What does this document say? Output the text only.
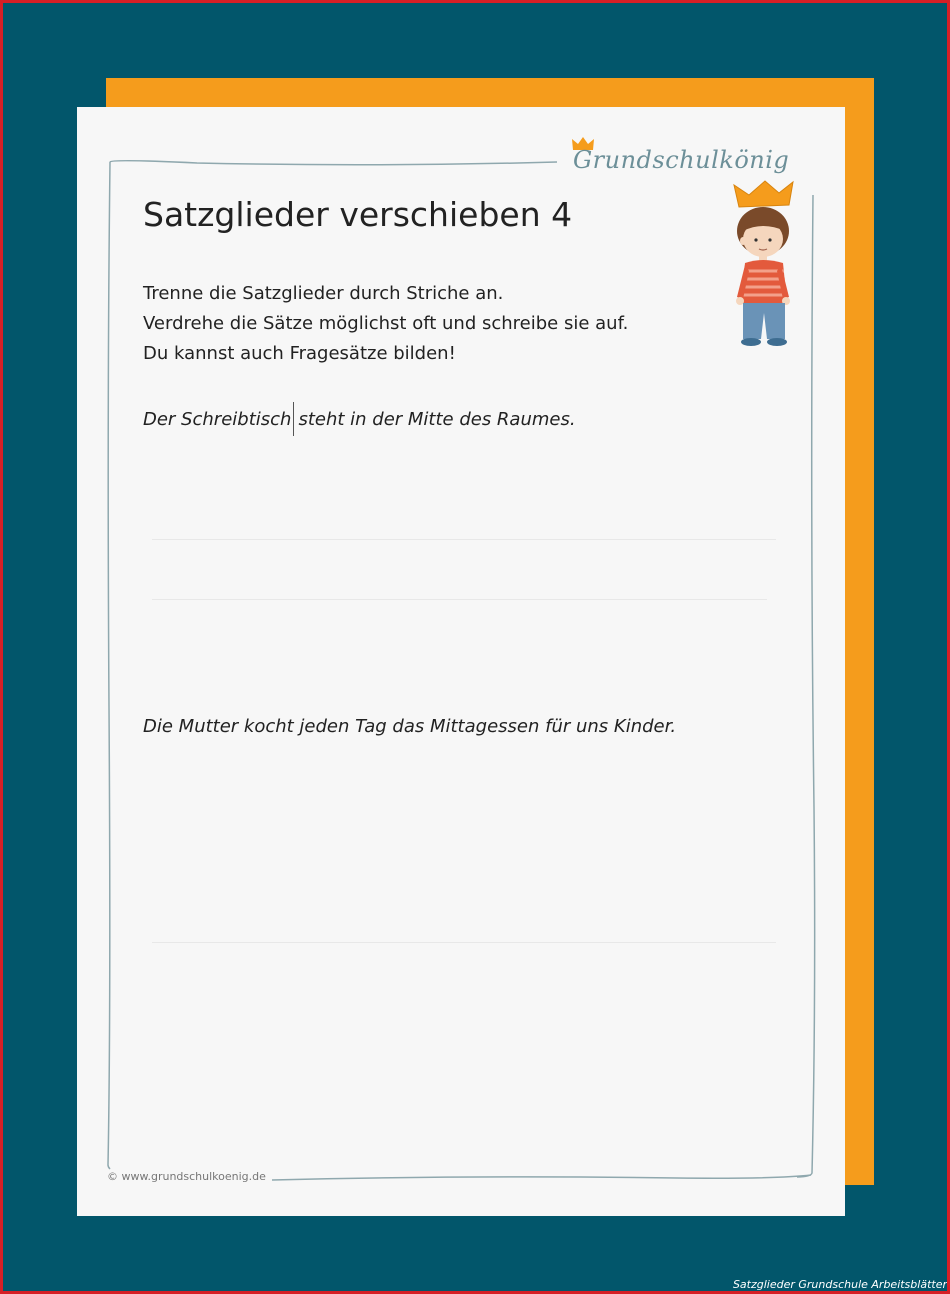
Grundschulkönig
Satzglieder verschieben 4
Trenne die Satzglieder durch Striche an.
Verdrehe die Sätze möglichst oft und schreibe sie auf.
Du kannst auch Fragesätze bilden!
Der Schreibtisch steht in der Mitte des Raumes.
Die Mutter kocht jeden Tag das Mittagessen für uns Kinder.
© www.grundschulkoenig.de
Satzglieder Grundschule Arbeitsblätter
